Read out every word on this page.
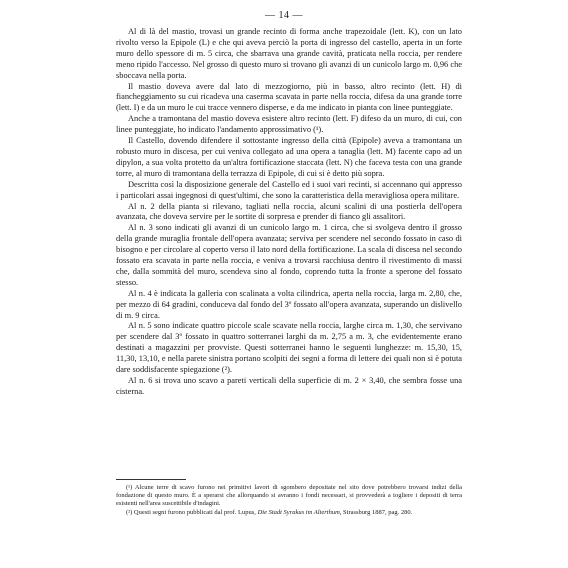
— 14 —

Al di là del mastio, trovasi un grande recinto di forma anche trapezoidale (lett. K), con un lato rivolto verso la Epipole (L) e che qui aveva perciò la porta di ingresso del castello, aperta in un forte muro dello spessore di m. 5 circa, che sbarrava una grande cavità, praticata nella roccia, per rendere meno ripido l'accesso. Nel grosso di questo muro si trovano gli avanzi di un cunicolo largo m. 0,96 che sboccava nella porta.

Il mastio doveva avere dal lato di mezzogiorno, più in basso, altro recinto (lett. H) di fiancheggiamento su cui ricadeva una caserma scavata in parte nella roccia, difesa da una grande torre (lett. I) e da un muro le cui tracce vennero disperse, e da me indicato in pianta con linee punteggiate.

Anche a tramontana del mastio doveva esistere altro recinto (lett. F) difeso da un muro, di cui, con linee punteggiate, ho indicato l'andamento approssimativo (¹).

Il Castello, dovendo difendere il sottostante ingresso della città (Epipole) aveva a tramontana un robusto muro in discesa, per cui veniva collegato ad una opera a tanaglia (lett. M) facente capo ad un dipylon, a sua volta protetto da un'altra fortificazione staccata (lett. N) che faceva testa con una grande torre, al muro di tramontana della terrazza di Epipole, di cui si è detto più sopra.

Descritta così la disposizione generale del Castello ed i suoi vari recinti, si accennano qui appresso i particolari assai ingegnosi di quest'ultimi, che sono la caratteristica della meravigliosa opera militare.

Al n. 2 della pianta si rilevano, tagliati nella roccia, alcuni scalini di una postierla dell'opera avanzata, che doveva servire per le sortite di sorpresa e prender di fianco gli assalitori.

Al n. 3 sono indicati gli avanzi di un cunicolo largo m. 1 circa, che si svolgeva dentro il grosso della grande muraglia frontale dell'opera avanzata; serviva per scendere nel secondo fossato in caso di bisogno e per circolare al coperto verso il lato nord della fortificazione. La scala di discesa nel secondo fossato era scavata in parte nella roccia, e veniva a trovarsi racchiusa dentro il rivestimento di massi che, dalla sommità del muro, scendeva sino al fondo, coprendo tutta la fronte a sperone del fossato stesso.

Al n. 4 è indicata la galleria con scalinata a volta cilindrica, aperta nella roccia, larga m. 2,80, che, per mezzo di 64 gradini, conduceva dal fondo del 3º fossato all'opera avanzata, superando un dislivello di m. 9 circa.

Al n. 5 sono indicate quattro piccole scale scavate nella roccia, larghe circa m. 1,30, che servivano per scendere dal 3º fossato in quattro sotterranei larghi da m. 2,75 a m. 3, che evidentemente erano destinati a magazzini per provviste. Questi sotterranei hanno le seguenti lunghezze: m. 15,30, 15, 11,30, 13,10, e nella parete sinistra portano scolpiti dei segni a forma di lettere dei quali non si è potuta dare soddisfacente spiegazione (²).

Al n. 6 si trova uno scavo a pareti verticali della superficie di m. 2 × 3,40, che sembra fosse una cisterna.

(¹) Alcune terre di scavo furono nei primitivi lavori di sgombero depositate nel sito dove potrebbero trovarsi indizi della fondazione di questo muro. È a sperarsi che allorquando si avranno i fondi necessari, si provvederà a togliere i depositi di terra esistenti nell'area suscettibile d'indagini.

(²) Questi segni furono pubblicati dal prof. Lupus, Die Stadt Syrakus im Alterthum, Strassburg 1887, pag. 280.
